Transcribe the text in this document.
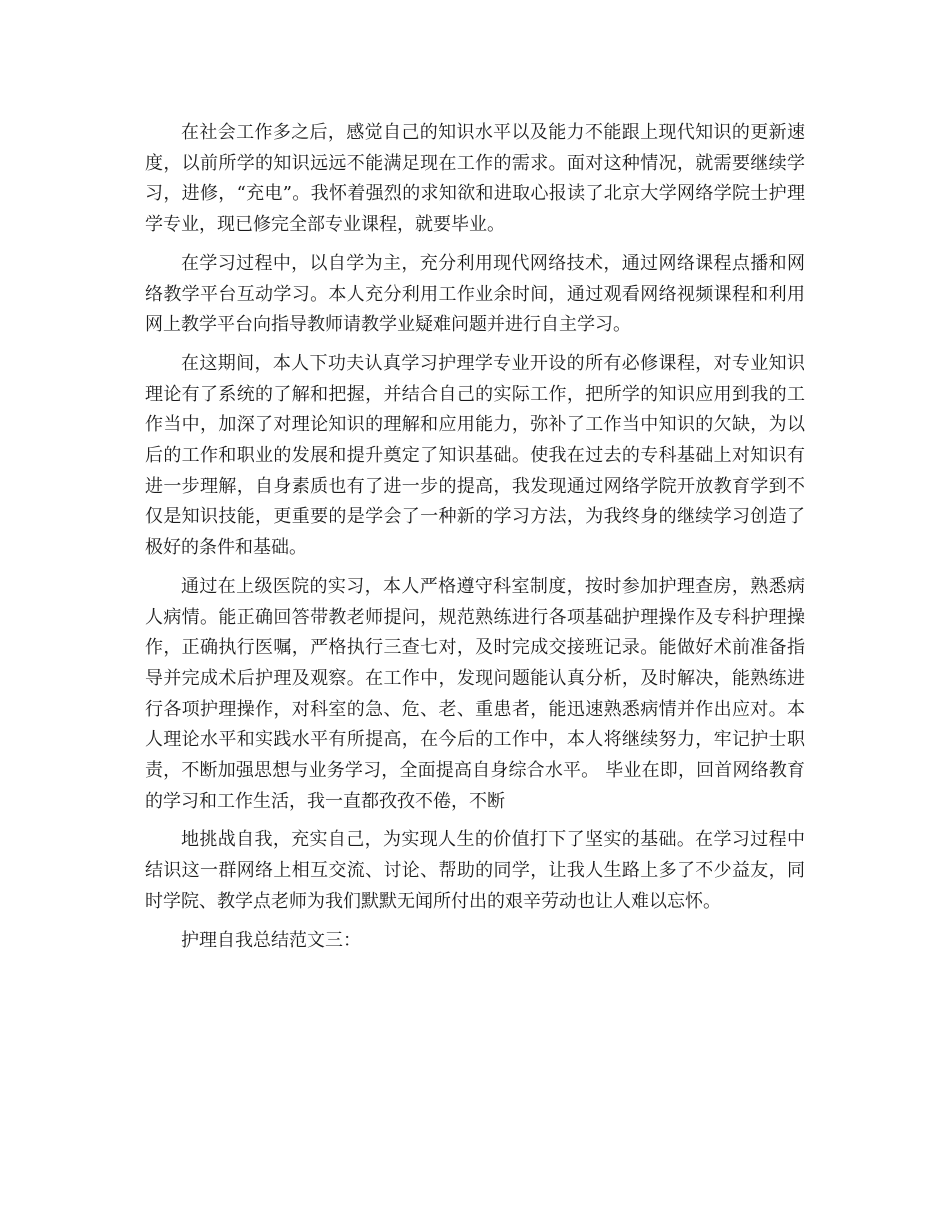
在社会工作多之后，感觉自己的知识水平以及能力不能跟上现代知识的更新速度，以前所学的知识远远不能满足现在工作的需求。面对这种情况，就需要继续学习，进修，“充电”。我怀着强烈的求知欲和进取心报读了北京大学网络学院士护理学专业，现已修完全部专业课程，就要毕业。

在学习过程中，以自学为主，充分利用现代网络技术，通过网络课程点播和网络教学平台互动学习。本人充分利用工作业余时间，通过观看网络视频课程和利用网上教学平台向指导教师请教学业疑难问题并进行自主学习。

在这期间，本人下功夫认真学习护理学专业开设的所有必修课程，对专业知识理论有了系统的了解和把握，并结合自己的实际工作，把所学的知识应用到我的工作当中，加深了对理论知识的理解和应用能力，弥补了工作当中知识的欠缺，为以后的工作和职业的发展和提升奠定了知识基础。使我在过去的专科基础上对知识有进一步理解，自身素质也有了进一步的提高，我发现通过网络学院开放教育学到不仅是知识技能，更重要的是学会了一种新的学习方法，为我终身的继续学习创造了极好的条件和基础。

通过在上级医院的实习，本人严格遵守科室制度，按时参加护理查房，熟悉病人病情。能正确回答带教老师提问，规范熟练进行各项基础护理操作及专科护理操作，正确执行医嘱，严格执行三查七对，及时完成交接班记录。能做好术前准备指导并完成术后护理及观察。在工作中，发现问题能认真分析，及时解决，能熟练进行各项护理操作，对科室的急、危、老、重患者，能迅速熟悉病情并作出应对。本人理论水平和实践水平有所提高，在今后的工作中，本人将继续努力，牢记护士职责，不断加强思想与业务学习，全面提高自身综合水平。 毕业在即，回首网络教育的学习和工作生活，我一直都孜孜不倦，不断

地挑战自我，充实自己，为实现人生的价值打下了坚实的基础。在学习过程中结识这一群网络上相互交流、讨论、帮助的同学，让我人生路上多了不少益友，同时学院、教学点老师为我们默默无闻所付出的艰辛劳动也让人难以忘怀。

护理自我总结范文三：
